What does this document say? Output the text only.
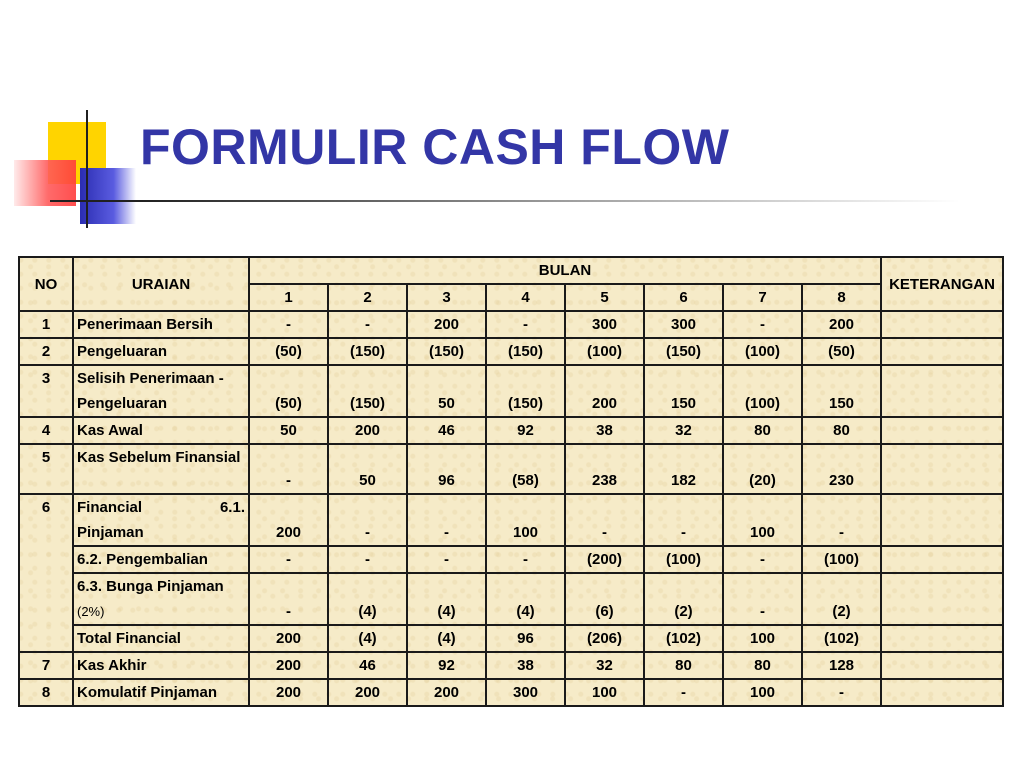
FORMULIR CASH FLOW
NO	URAIAN	BULAN								KETERANGAN
		1	2	3	4	5	6	7	8	
1	Penerimaan Bersih	-	-	200	-	300	300	-	200	
2	Pengeluaran	(50)	(150)	(150)	(150)	(100)	(150)	(100)	(50)	
3	Selisih Penerimaan -
Pengeluaran	(50)	(150)	50	(150)	200	150	(100)	150	
4	Kas Awal	50	200	46	92	38	32	80	80	
5	Kas Sebelum Finansial	-	50	96	(58)	238	182	(20)	230	
6	Financial 6.1.
Pinjaman	200	-	-	100	-	-	100	-	

	6.2. Pengembalian	-	-	-	-	(200)	(100)	-	(100)	

	6.3. Bunga Pinjaman
(2%)	-	(4)	(4)	(4)	(6)	(2)	-	(2)	

	Total Financial	200	(4)	(4)	96	(206)	(102)	100	(102)	
7	Kas Akhir	200	46	92	38	32	80	80	128	
8	Komulatif Pinjaman	200	200	200	300	100	-	100	-	
